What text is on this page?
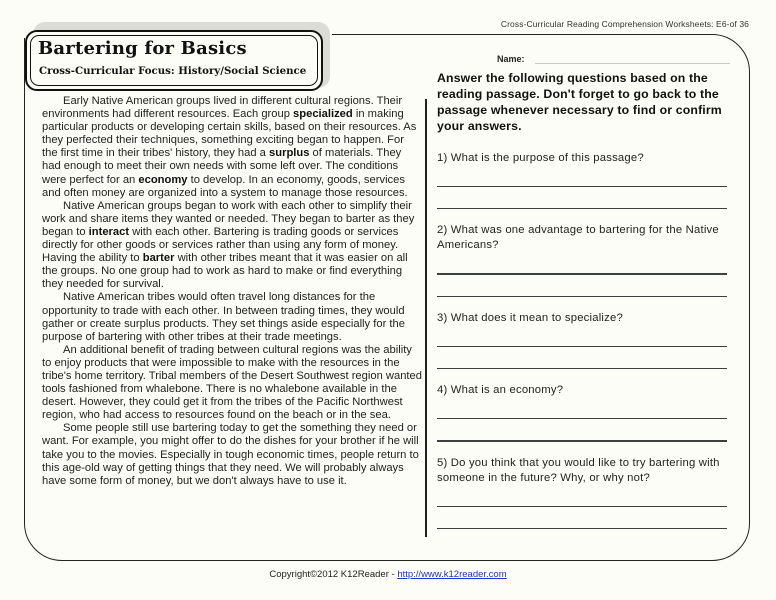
Cross-Curricular Reading Comprehension Worksheets: E6-of 36
Bartering for Basics
Cross-Curricular Focus: History/Social Science

Early Native American groups lived in different cultural regions. Their environments had different resources. Each group specialized in making particular products or developing certain skills, based on their resources. As they perfected their techniques, something exciting began to happen. For the first time in their tribes' history, they had a surplus of materials. They had enough to meet their own needs with some left over. The conditions were perfect for an economy to develop. In an economy, goods, services and often money are organized into a system to manage those resources.

Native American groups began to work with each other to simplify their work and share items they wanted or needed. They began to barter as they began to interact with each other. Bartering is trading goods or services directly for other goods or services rather than using any form of money. Having the ability to barter with other tribes meant that it was easier on all the groups. No one group had to work as hard to make or find everything they needed for survival.

Native American tribes would often travel long distances for the opportunity to trade with each other. In between trading times, they would gather or create surplus products. They set things aside especially for the purpose of bartering with other tribes at their trade meetings.

An additional benefit of trading between cultural regions was the ability to enjoy products that were impossible to make with the resources in the tribe's home territory. Tribal members of the Desert Southwest region wanted tools fashioned from whalebone. There is no whalebone available in the desert. However, they could get it from the tribes of the Pacific Northwest region, who had access to resources found on the beach or in the sea.

Some people still use bartering today to get the something they need or want. For example, you might offer to do the dishes for your brother if he will take you to the movies. Especially in tough economic times, people return to this age-old way of getting things that they need. We will probably always have some form of money, but we don't always have to use it.

Name:
Answer the following questions based on the reading passage. Don't forget to go back to the passage whenever necessary to find or confirm your answers.
1) What is the purpose of this passage?
2) What was one advantage to bartering for the Native Americans?
3) What does it mean to specialize?
4) What is an economy?
5) Do you think that you would like to try bartering with someone in the future? Why, or why not?
Copyright©2012 K12Reader - http://www.k12reader.com
